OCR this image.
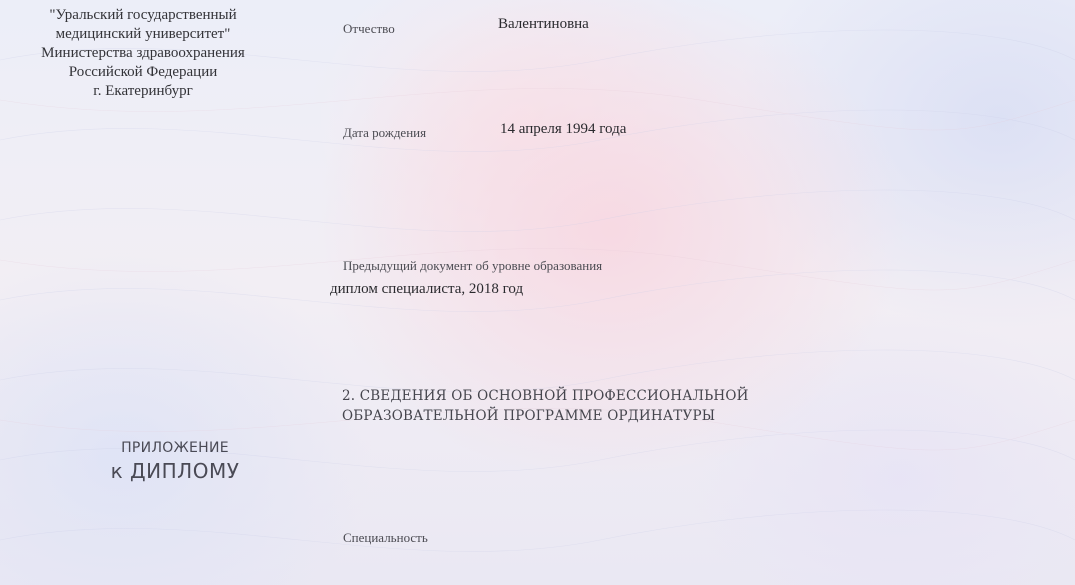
"Уральский государственный
медицинский университет"
Министерства здравоохранения
Российской Федерации
г. Екатеринбург
ПРИЛОЖЕНИЕ
к ДИПЛОМУ
Отчество	Валентиновна
Дата рождения	14 апреля 1994 года
Предыдущий документ об уровне образования
диплом специалиста, 2018 год
2. СВЕДЕНИЯ ОБ ОСНОВНОЙ ПРОФЕССИОНАЛЬНОЙ
ОБРАЗОВАТЕЛЬНОЙ ПРОГРАММЕ ОРДИНАТУРЫ
Специальность
